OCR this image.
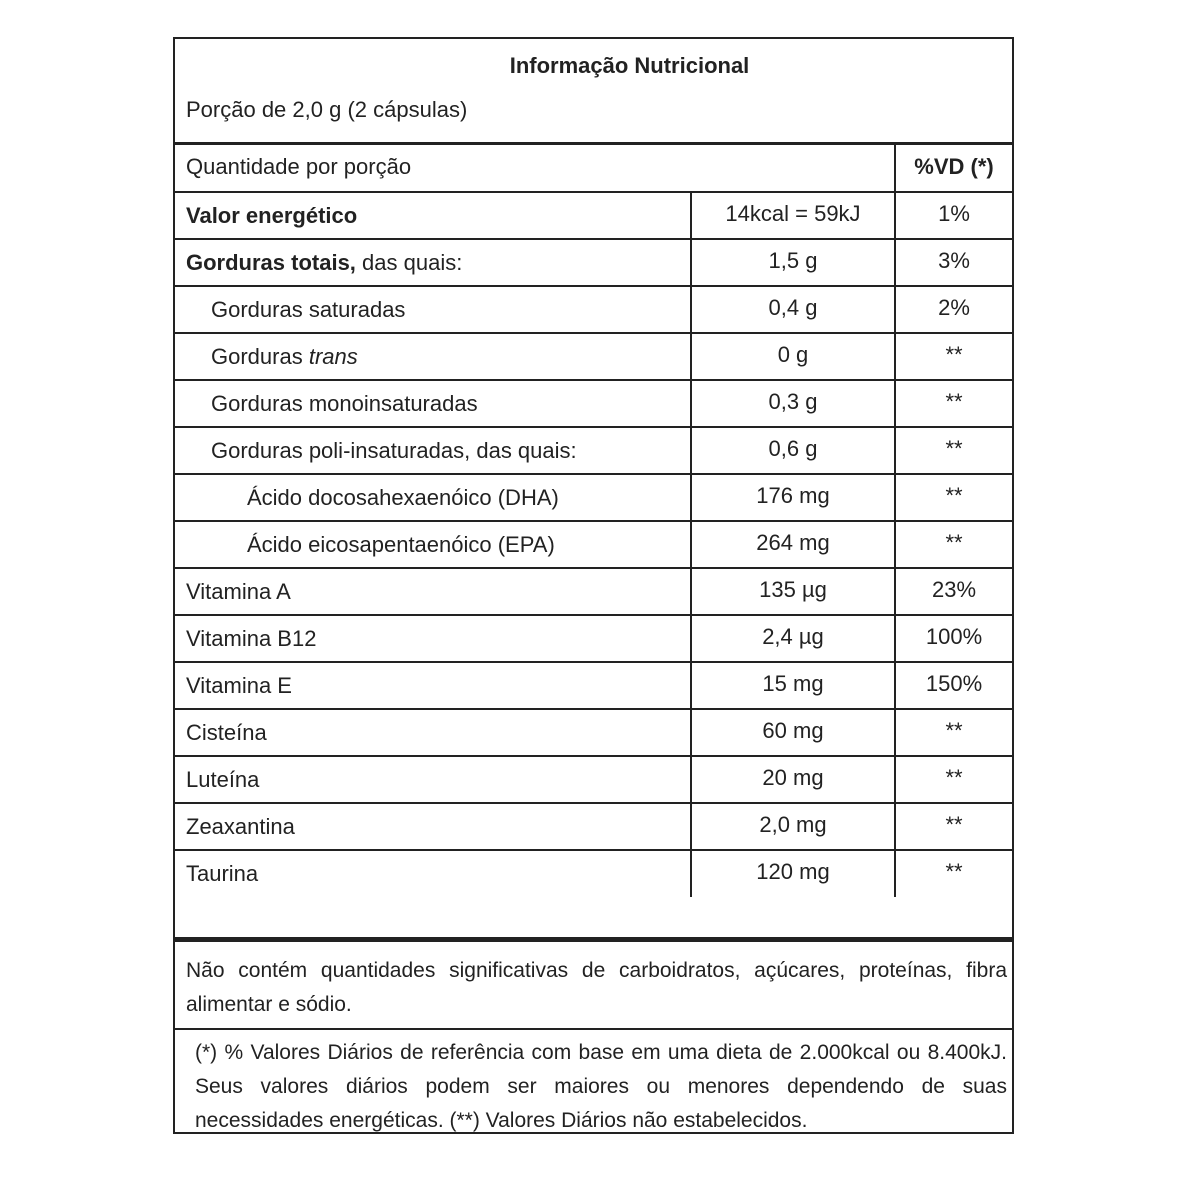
Informação Nutricional
Porção de 2,0 g (2 cápsulas)
Quantidade por porção		%VD (*)
Valor energético	14kcal = 59kJ	1%
Gorduras totais, das quais:	1,5 g	3%
Gorduras saturadas	0,4 g	2%
Gorduras trans	0 g	**
Gorduras monoinsaturadas	0,3 g	**
Gorduras poli-insaturadas, das quais:	0,6 g	**
Ácido docosahexaenóico (DHA)	176 mg	**
Ácido eicosapentaenóico (EPA)	264 mg	**
Vitamina A	135 µg	23%
Vitamina B12	2,4 µg	100%
Vitamina E	15 mg	150%
Cisteína	60 mg	**
Luteína	20 mg	**
Zeaxantina	2,0 mg	**
Taurina	120 mg	**
Não contém quantidades significativas de carboidratos, açúcares, proteínas, fibra alimentar e sódio.
(*) % Valores Diários de referência com base em uma dieta de 2.000kcal ou 8.400kJ. Seus valores diários podem ser maiores ou menores dependendo de suas necessidades energéticas. (**) Valores Diários não estabelecidos.
